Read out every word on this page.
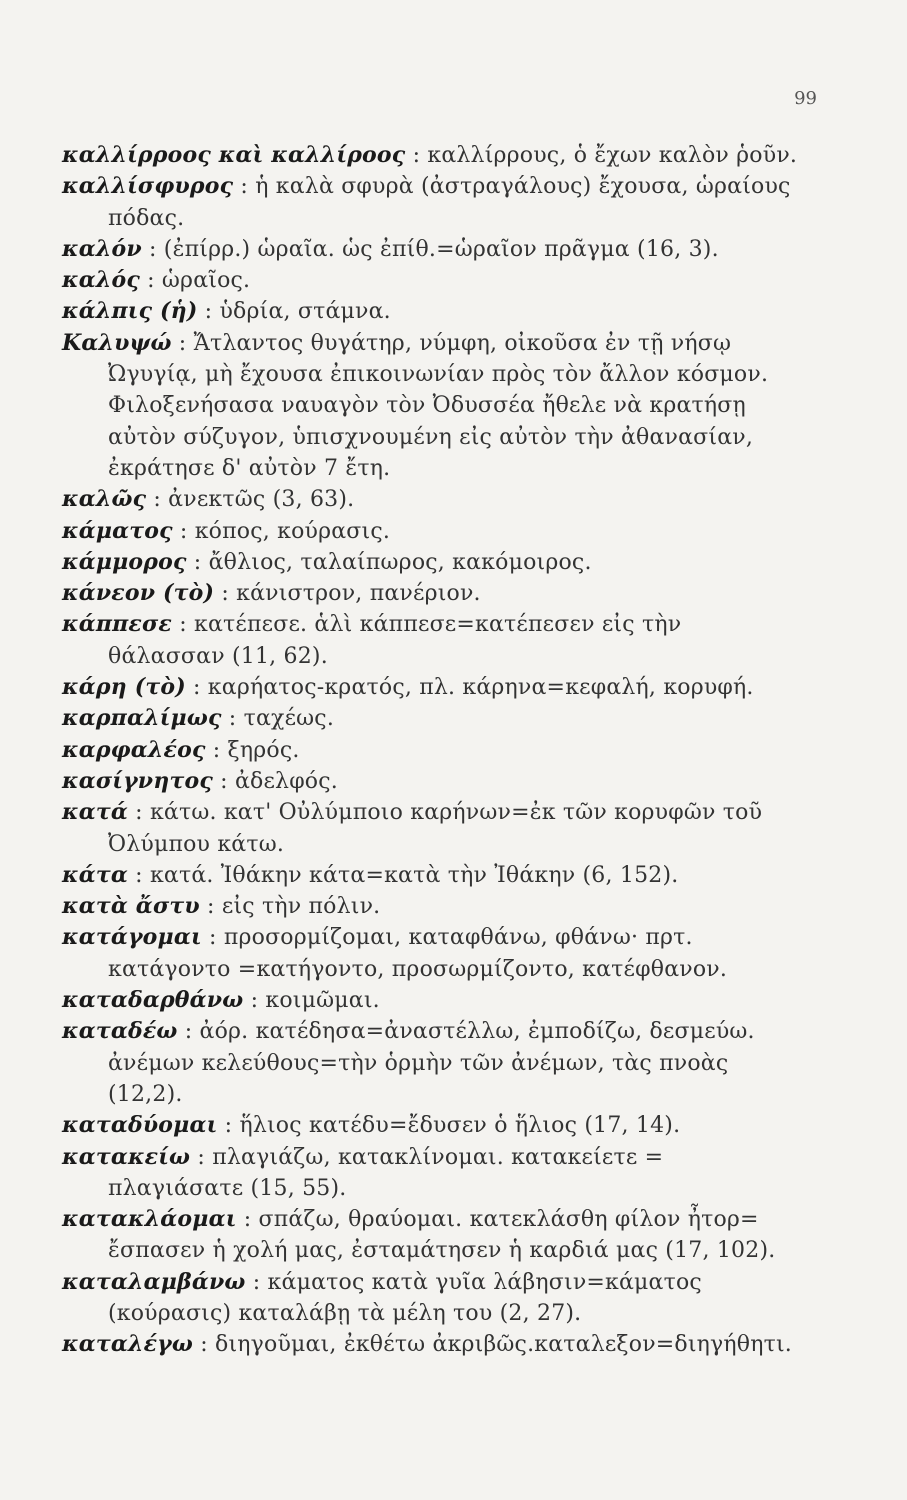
99
καλλίρροος καὶ καλλίροος : καλλίρρους, ὁ ἔχων καλὸν ῥοῦν.
καλλίσφυρος : ἡ καλὰ σφυρὰ (ἀστραγάλους) ἔχουσα, ὡραίους πόδας.
καλόν : (ἐπίρρ.) ὡραῖα. ὡς ἐπίθ.=ὡραῖον πρᾶγμα (16, 3).
καλός : ὡραῖος.
κάλπις (ἡ) : ὑδρία, στάμνα.
Καλυψώ : Ἄτλαντος θυγάτηρ, νύμφη, οἰκοῦσα ἐν τῇ νήσῳ Ὠγυγίᾳ, μὴ ἔχουσα ἐπικοινωνίαν πρὸς τὸν ἄλλον κόσμον. Φιλοξενήσασα ναυαγὸν τὸν Ὀδυσσέα ἤθελε νὰ κρατήσῃ αὐτὸν σύζυγον, ὑπισχνουμένη εἰς αὐτὸν τὴν ἀθανασίαν, ἐκράτησε δ' αὐτὸν 7 ἔτη.
καλῶς : ἀνεκτῶς (3, 63).
κάματος : κόπος, κούρασις.
κάμμορος : ἄθλιος, ταλαίπωρος, κακόμοιρος.
κάνεον (τὸ) : κάνιστρον, πανέριον.
κάππεσε : κατέπεσε. ἁλὶ κάππεσε=κατέπεσεν εἰς τὴν θάλασσαν (11, 62).
κάρη (τὸ) : καρήατος-κρατός, πλ. κάρηνα=κεφαλή, κορυφή.
καρπαλίμως : ταχέως.
καρφαλέος : ξηρός.
κασίγνητος : ἀδελφός.
κατά : κάτω. κατ' Οὐλύμποιο καρήνων=ἐκ τῶν κορυφῶν τοῦ Ὀλύμπου κάτω.
κάτα : κατά. Ἰθάκην κάτα=κατὰ τὴν Ἰθάκην (6, 152).
κατὰ ἄστυ : εἰς τὴν πόλιν.
κατάγομαι : προσορμίζομαι, καταφθάνω, φθάνω· πρτ. κατάγοντο =κατήγοντο, προσωρμίζοντο, κατέφθανον.
καταδαρθάνω : κοιμῶμαι.
καταδέω : ἀόρ. κατέδησα=ἀναστέλλω, ἐμποδίζω, δεσμεύω. ἀνέμων κελεύθους=τὴν ὁρμὴν τῶν ἀνέμων, τὰς πνοὰς (12,2).
καταδύομαι : ἥλιος κατέδυ=ἔδυσεν ὁ ἥλιος (17, 14).
κατακείω : πλαγιάζω, κατακλίνομαι. κατακείετε = πλαγιάσατε (15, 55).
κατακλάομαι : σπάζω, θραύομαι. κατεκλάσθη φίλον ἦτορ= ἔσπασεν ἡ χολή μας, ἐσταμάτησεν ἡ καρδιά μας (17, 102).
καταλαμβάνω : κάματος κατὰ γυῖα λάβησιν=κάματος (κούρασις) καταλάβῃ τὰ μέλη του (2, 27).
καταλέγω : διηγοῦμαι, ἐκθέτω ἀκριβῶς.καταλεξον=διηγήθητι.
